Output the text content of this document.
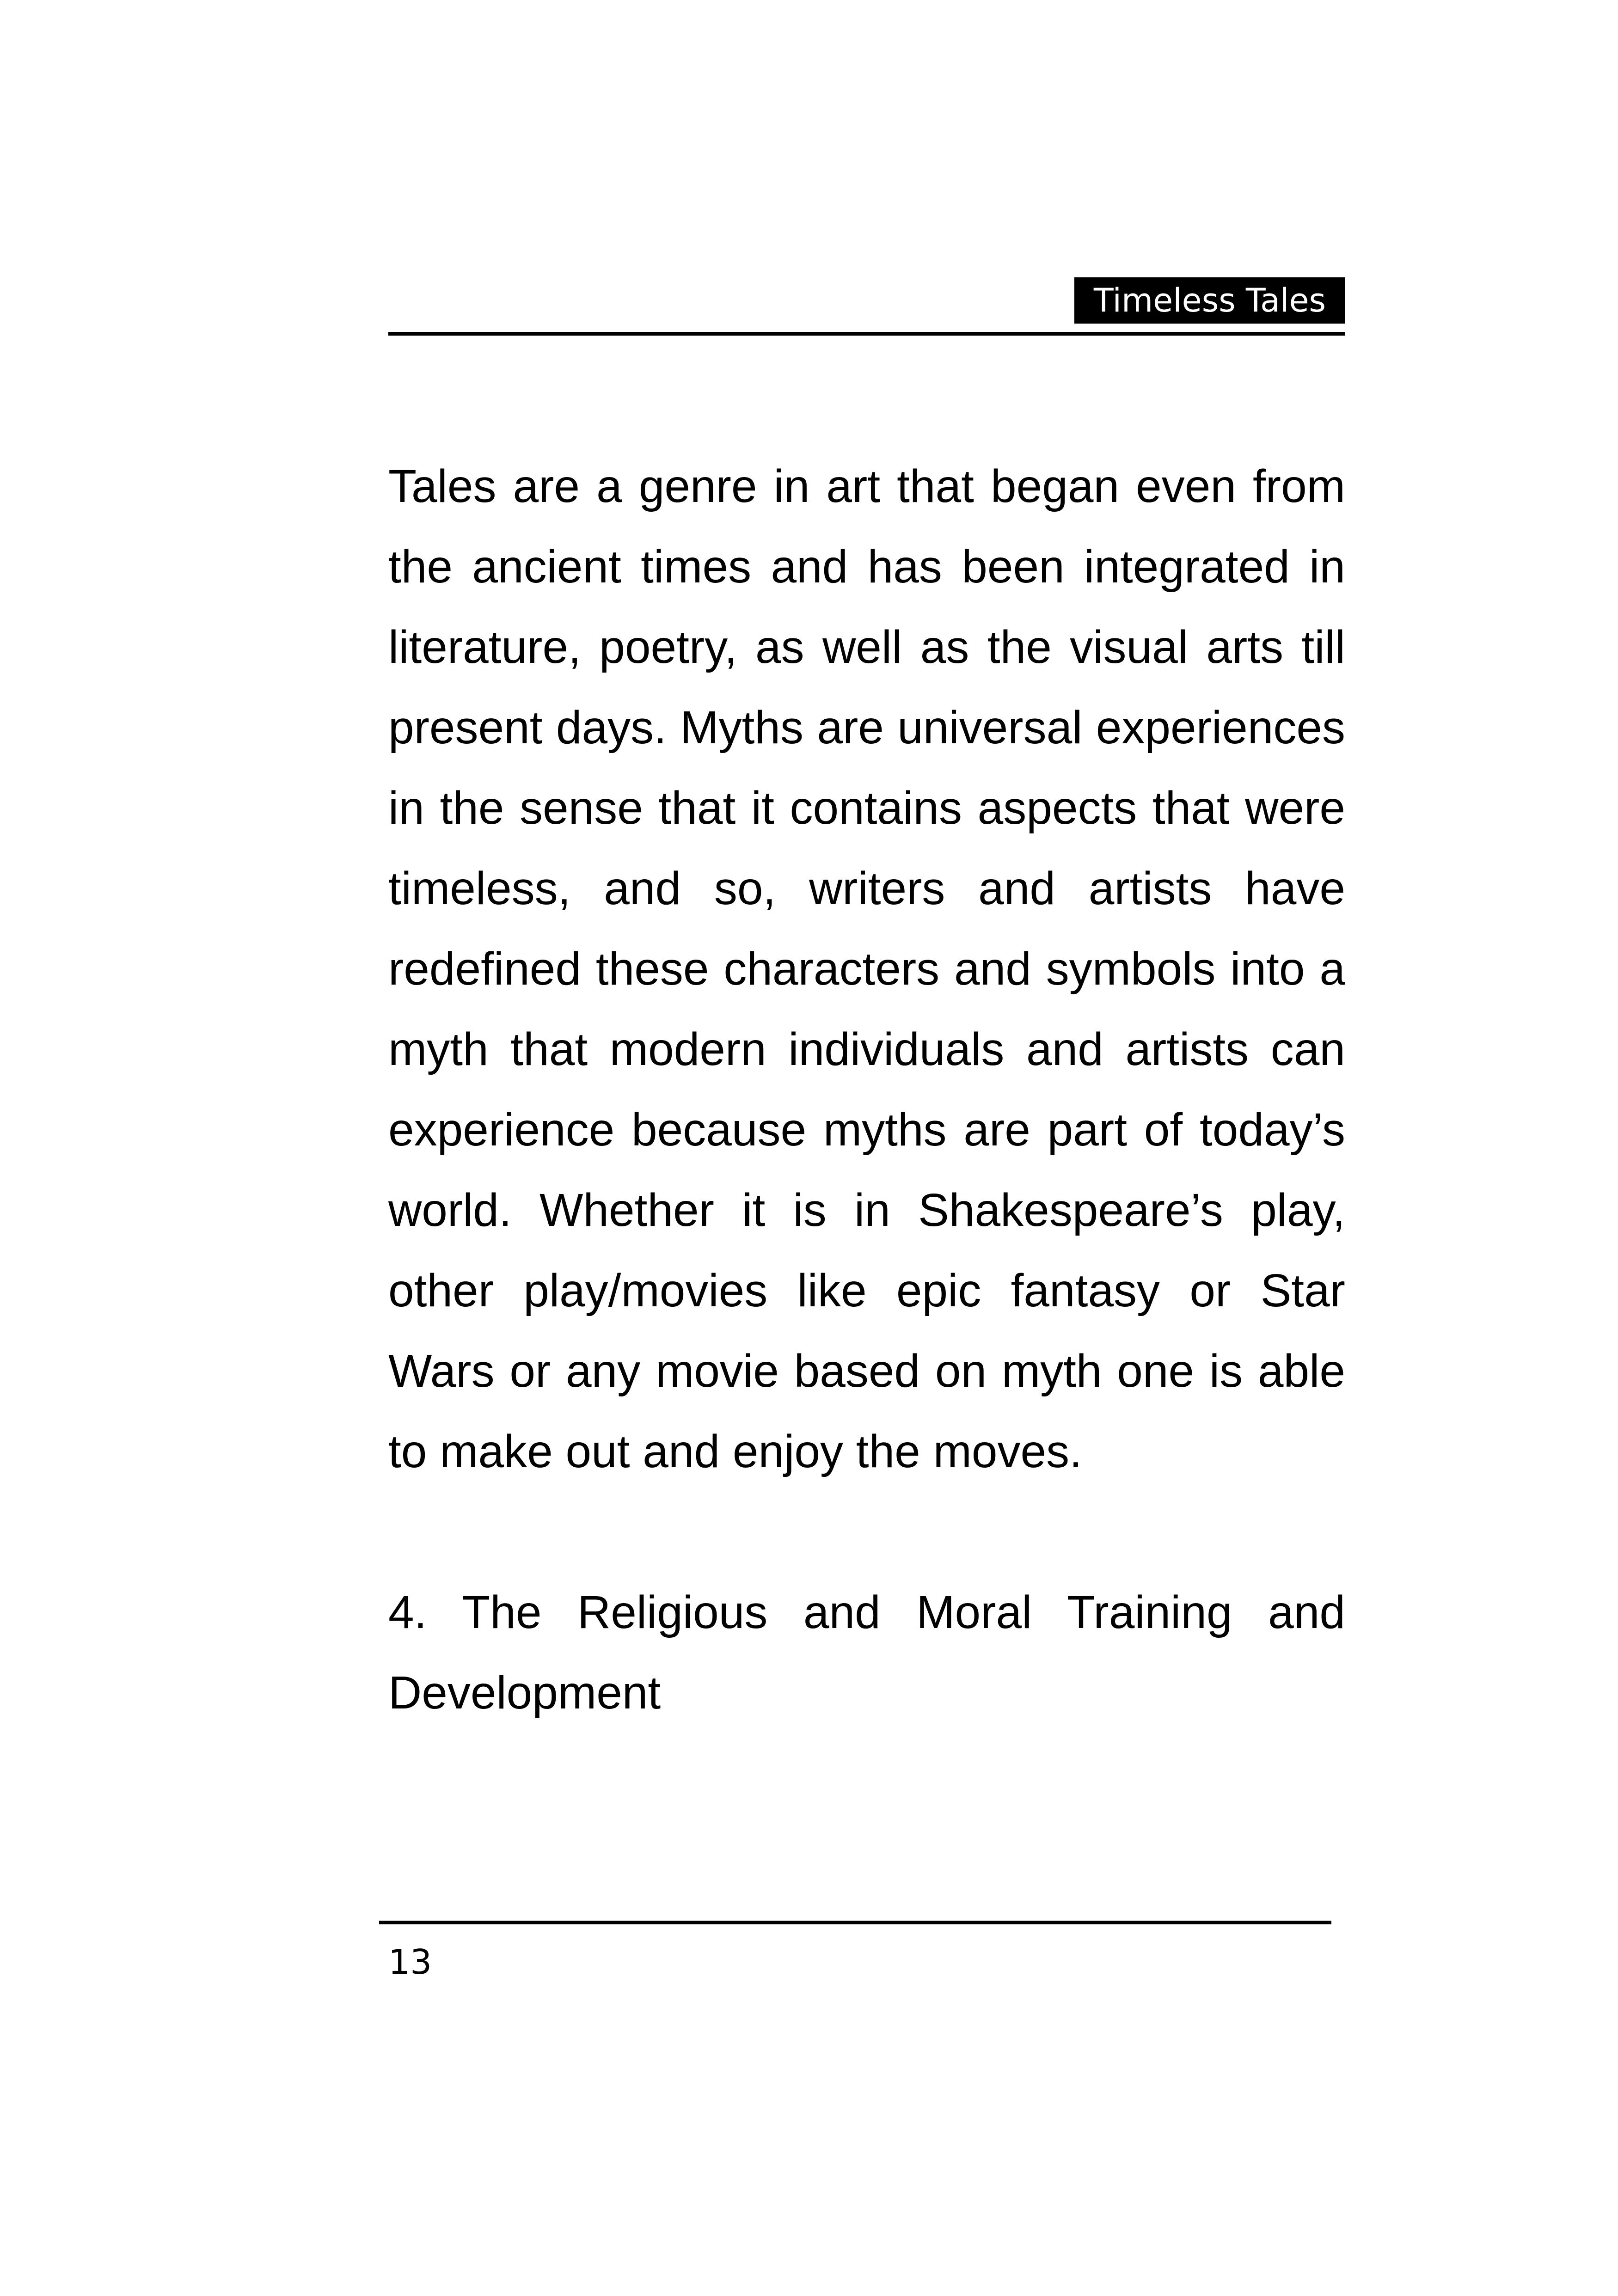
Timeless Tales

Tales are a genre in art that began even from the ancient times and has been integrated in literature, poetry, as well as the visual arts till present days. Myths are universal experiences in the sense that it contains aspects that were timeless, and so, writers and artists have redefined these characters and symbols into a myth that modern individuals and artists can experience because myths are part of today’s world. Whether it is in Shakespeare’s play, other play/movies like epic fantasy or Star Wars or any movie based on myth one is able to make out and enjoy the moves.

4. The Religious and Moral Training and Development

13
